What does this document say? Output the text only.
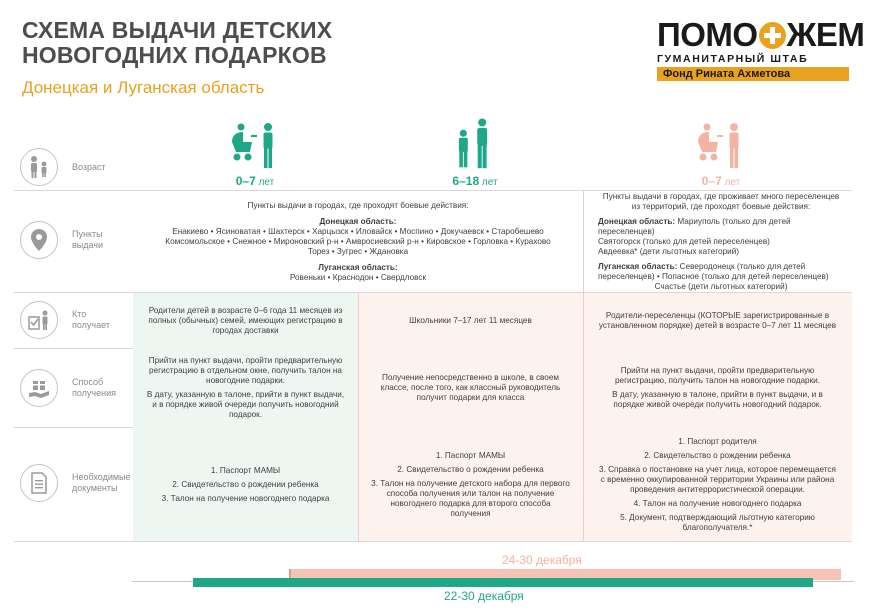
СХЕМА ВЫДАЧИ ДЕТСКИХ
НОВОГОДНИХ ПОДАРКОВ
Донецкая и Луганская область
ПОМО ЖЕМ
ГУМАНИТАРНЫЙ ШТАБ
Фонд Рината Ахметова
Возраст
Пункты
выдачи
Кто
получает
Способ
получения
Необходимые
документы
0–7 лет	6–18 лет	0–7 лет

Пункты выдачи в городах, где проходят боевые действия:

Донецкая область:
Енакиево • Ясиноватая • Шахтерск • Харцызск • Иловайск • Моспино • Докучаевск • Старобешево
Комсомольское • Снежное • Мироновский р-н • Амвросиевский р-н • Кировское • Горловка • Курахово
Торез • Зугрес • Ждановка

Луганская область:
Ровеньки • Краснодон • Свердловск

Пункты выдачи в городах, где проживает много переселенцев
из территорий, где проходят боевые действия:

Донецкая область: Мариуполь (только для детей переселенцев)
Святогорск (только для детей переселенцев)
Авдеевка* (дети льготных категорий)

Луганская область: Северодонецк (только для детей
переселенцев) • Попасное (только для детей переселенцев)

Счастье (дети льготных категорий)

Родители детей в возрасте 0–6 года 11 месяцев из полных (обычных) семей, имеющих регистрацию в городах доставки
Школьники 7–17 лет 11 месяцев
Родители-переселенцы (КОТОРЫЕ зарегистрированные в установленном порядке) детей в возрасте 0–7 лет 11 месяцев

Прийти на пункт выдачи, пройти предварительную регистрацию в отдельном окне, получить талон на новогодние подарки.

В дату, указанную в талоне, прийти в пункт выдачи, и в порядке живой очереди получить новогодний подарок.

Получение непосредственно в школе, в своем классе, после того, как классный руководитель получит подарки для класса

Прийти на пункт выдачи, пройти предварительную регистрацию, получить талон на новогодние подарки.

В дату, указанную в талоне, прийти в пункт выдачи, и в порядке живой очереди получить новогодний подарок.

1. Паспорт МАМЫ

2. Свидетельство о рождении ребенка

3. Талон на получение новогоднего подарка

1. Паспорт МАМЫ

2. Свидетельство о рождении ребенка

3. Талон на получение детского набора для первого способа получения или талон на получение новогоднего подарка для второго способа получения

1. Паспорт родителя

2. Свидетельство о рождении ребенка

3. Справка о постановке на учет лица, которое перемещается с временно оккупированной территории Украины или района проведения антитеррористической операции.

4. Талон на получение новогоднего подарка

5. Документ, подтверждающий льготную категорию благополучателя.*

24-30 декабря
22-30 декабря
